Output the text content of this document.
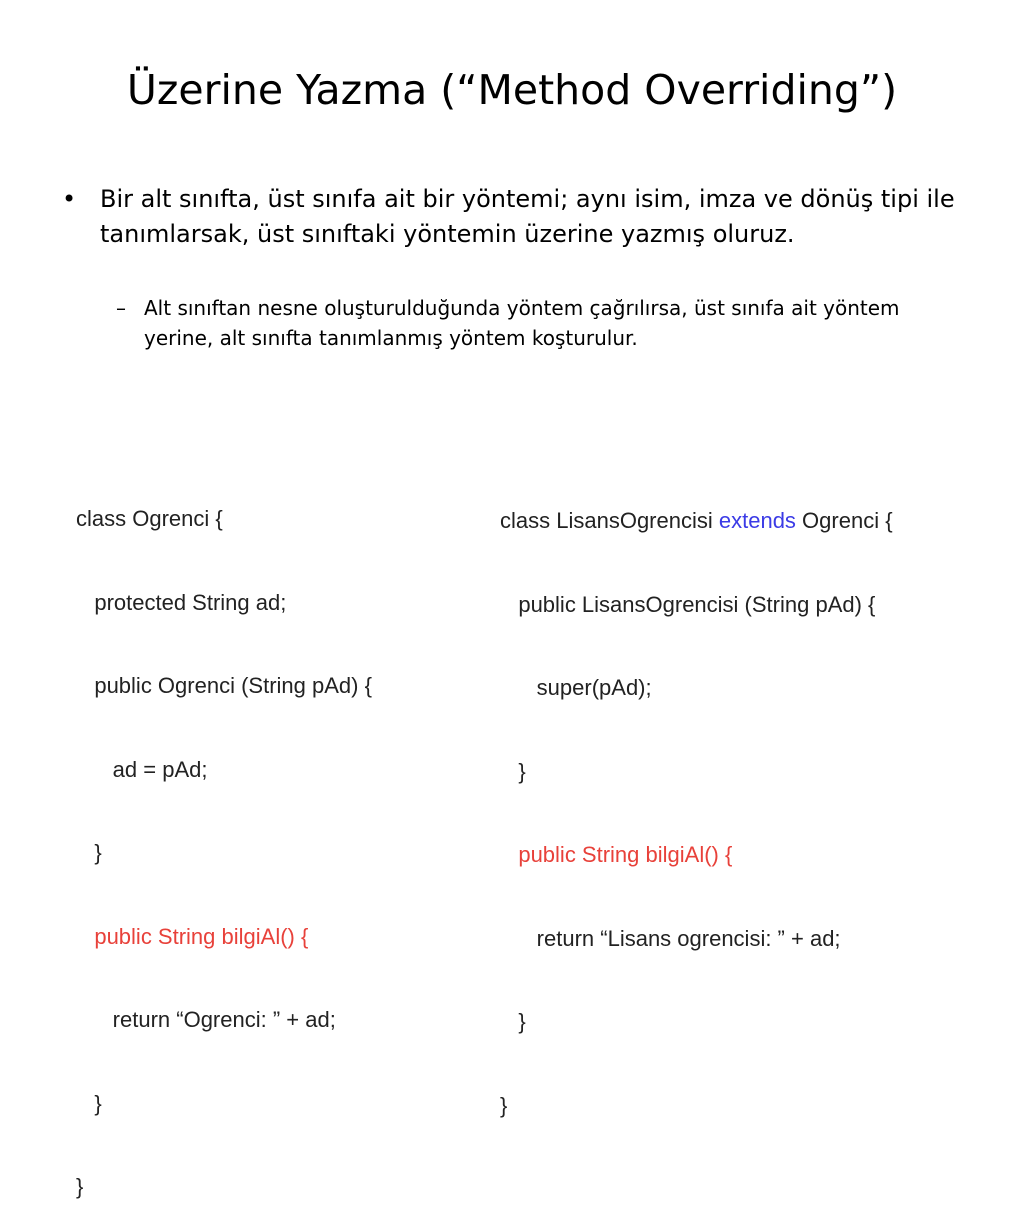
Üzerine Yazma (“Method Overriding”)
• Bir alt sınıfta, üst sınıfa ait bir yöntemi; aynı isim, imza ve dönüş tipi ile tanımlarsak, üst sınıftaki yöntemin üzerine yazmış oluruz.
– Alt sınıftan nesne oluşturulduğunda yöntem çağrılırsa, üst sınıfa ait yöntem yerine, alt sınıfta tanımlanmış yöntem koşturulur.

class Ogrenci {

protected String ad;

public Ogrenci (String pAd) {

ad = pAd;

}

public String bilgiAl() {

return “Ogrenci: ” + ad;

}

}

class LisansOgrencisi extends Ogrenci {

public LisansOgrencisi (String pAd) {

super(pAd);

}

public String bilgiAl() {

return “Lisans ogrencisi: ” + ad;

}

}
